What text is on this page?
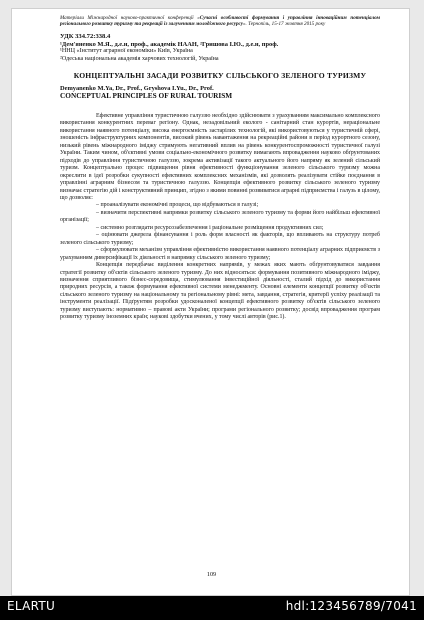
Матеріали Міжнародної науково-практичної конференції «Сучасні особливості формування і управління інноваційним потенціалом регіонального розвитку туризму та рекреації із залученням молодіжного ресурсу». Тернопіль, 15-17 жовтня 2015 року
УДК 334.72:338.4
¹Дем'яненко М.Я., д.е.н, проф., академік НААН, ²Гришова І.Ю., д.е.н, проф.
¹ННЦ «Інститут аграрної економіки» Київ, Україна
²Одеська національна академія харчових технологій, Україна
КОНЦЕПТУАЛЬНІ ЗАСАДИ РОЗВИТКУ СІЛЬСЬКОГО ЗЕЛЕНОГО ТУРИЗМУ
Demyanenko M.Ya, Dr., Prof., Gryshova I.Yu., Dr., Prof.
CONCEPTUAL PRINCIPLES OF RURAL TOURISM

Ефективне управління туристичною галуззю необхідно здійснювати з урахуванням максимально комплексного використання конкурентних переваг регіону. Однак, незадовільний еколого - санітарний стан курортів, нераціональне використання наявного потенціалу, висока енергоємність застарілих технологій, які використовуються у туристичній сфері, зношеність інфраструктурних компонентів, високий рівень навантаження на рекреаційні райони в період курортного сезону, низький рівень міжнародного іміджу стримують негативний вплив на рівень конкурентоспроможності туристичної галузі України. Таким чином, об'єктивні умови соціально-економічного розвитку вимагають впровадження науково обґрунтованих підходів до управління туристичною галуззю, зокрема активізації такого актуального його напряму як зелений сільський туризм. Концептуально процес підвищення рівня ефективності функціонування зеленого сільського туризму можна окреслити в ідеї розробки сукупності ефективних комплексних механізмів, які дозволять реалізувати стійке поєднання в управлінні аграрним бізнесом та туристичною галуззю. Концепція ефективного розвитку сільського зеленого туризму визначає стратегію дій і конструктивний принцип, згідно з якими повинні розвиватися аграрні підприємства і галузь в цілому, що дозволяє:

– проаналізувати економічні процеси, що відбуваються в галузі;

– визначити перспективні напрямки розвитку сільського зеленого туризму та форми його найбільш ефективної організації;

– системно розглядати ресурсозабезпечення і раціональне розміщення продуктивних сил;

– оцінювати джерела фінансування і роль форм власності як факторів, що впливають на структуру потреб зеленого сільського туризму;

– сформулювати механізм управління ефективністю використання наявного потенціалу аграрних підприємств з урахуванням диверсифікації їх діяльності в напрямку сільського зеленого туризму;

Концепція передбачає виділення конкретних напрямів, у межах яких мають обґрунтовуватися завдання стратегії розвитку об'єктів сільського зеленого туризму. До них відносяться: формування позитивного міжнародного іміджу, визначення сприятливого бізнес-середовища, стимулювання інвестиційної діяльності, сталий підхід до використання природних ресурсів, а також формування ефективної системи менеджменту. Основні елементи концепції розвитку об'єктів сільського зеленого туризму на національному та регіональному рівні: мета, завдання, стратегія, критерії успіху реалізації та інструменти реалізації. Підґрунтям розробки удосконаленої концепції ефективного розвитку об'єктів сільського зеленого туризму виступають: нормативно – правові акти України; програми регіонального розвитку; досвід впровадження програм розвитку туризму іноземних країн; наукові здобутки вчених, у тому числі авторів (рис.1).

109
ELARTU	hdl:123456789/7041
